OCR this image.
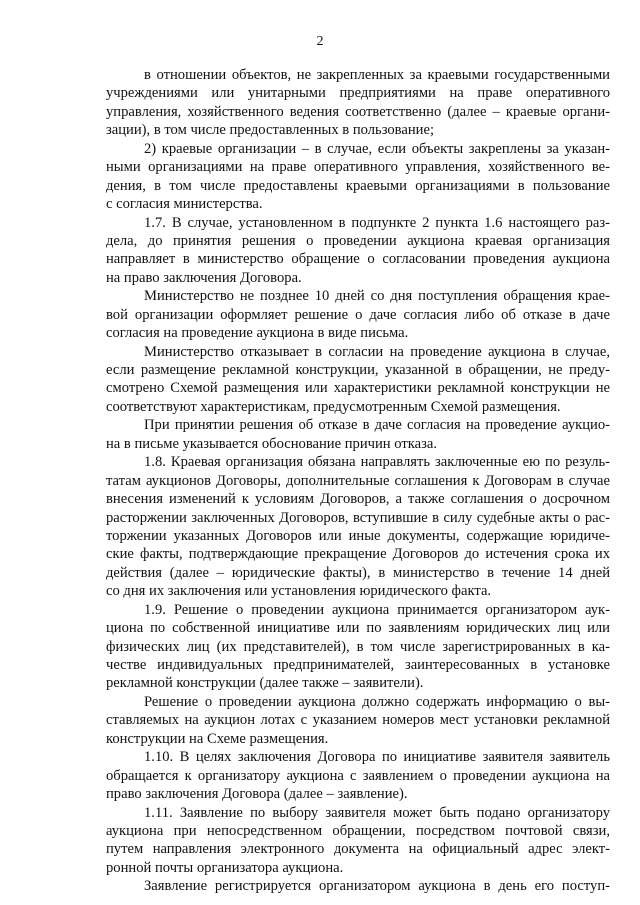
2
в отношении объектов, не закрепленных за краевыми государственными
учреждениями или унитарными предприятиями на праве оперативного
управления, хозяйственного ведения соответственно (далее – краевые органи-
зации), в том числе предоставленных в пользование;
2) краевые организации – в случае, если объекты закреплены за указан-
ными организациями на праве оперативного управления, хозяйственного ве-
дения, в том числе предоставлены краевыми организациями в пользование
с согласия министерства.
1.7. В случае, установленном в подпункте 2 пункта 1.6 настоящего раз-
дела, до принятия решения о проведении аукциона краевая организация
направляет в министерство обращение о согласовании проведения аукциона
на право заключения Договора.
Министерство не позднее 10 дней со дня поступления обращения крае-
вой организации оформляет решение о даче согласия либо об отказе в даче
согласия на проведение аукциона в виде письма.
Министерство отказывает в согласии на проведение аукциона в случае,
если размещение рекламной конструкции, указанной в обращении, не преду-
смотрено Схемой размещения или характеристики рекламной конструкции не
соответствуют характеристикам, предусмотренным Схемой размещения.
При принятии решения об отказе в даче согласия на проведение аукцио-
на в письме указывается обоснование причин отказа.
1.8. Краевая организация обязана направлять заключенные ею по резуль-
татам аукционов Договоры, дополнительные соглашения к Договорам в случае
внесения изменений к условиям Договоров, а также соглашения о досрочном
расторжении заключенных Договоров, вступившие в силу судебные акты о рас-
торжении указанных Договоров или иные документы, содержащие юридиче-
ские факты, подтверждающие прекращение Договоров до истечения срока их
действия (далее – юридические факты), в министерство в течение 14 дней
со дня их заключения или установления юридического факта.
1.9. Решение о проведении аукциона принимается организатором аук-
циона по собственной инициативе или по заявлениям юридических лиц или
физических лиц (их представителей), в том числе зарегистрированных в ка-
честве индивидуальных предпринимателей, заинтересованных в установке
рекламной конструкции (далее также – заявители).
Решение о проведении аукциона должно содержать информацию о вы-
ставляемых на аукцион лотах с указанием номеров мест установки рекламной
конструкции на Схеме размещения.
1.10. В целях заключения Договора по инициативе заявителя заявитель
обращается к организатору аукциона с заявлением о проведении аукциона на
право заключения Договора (далее – заявление).
1.11. Заявление по выбору заявителя может быть подано организатору
аукциона при непосредственном обращении, посредством почтовой связи,
путем направления электронного документа на официальный адрес элект-
ронной почты организатора аукциона.
Заявление регистрируется организатором аукциона в день его поступ-
